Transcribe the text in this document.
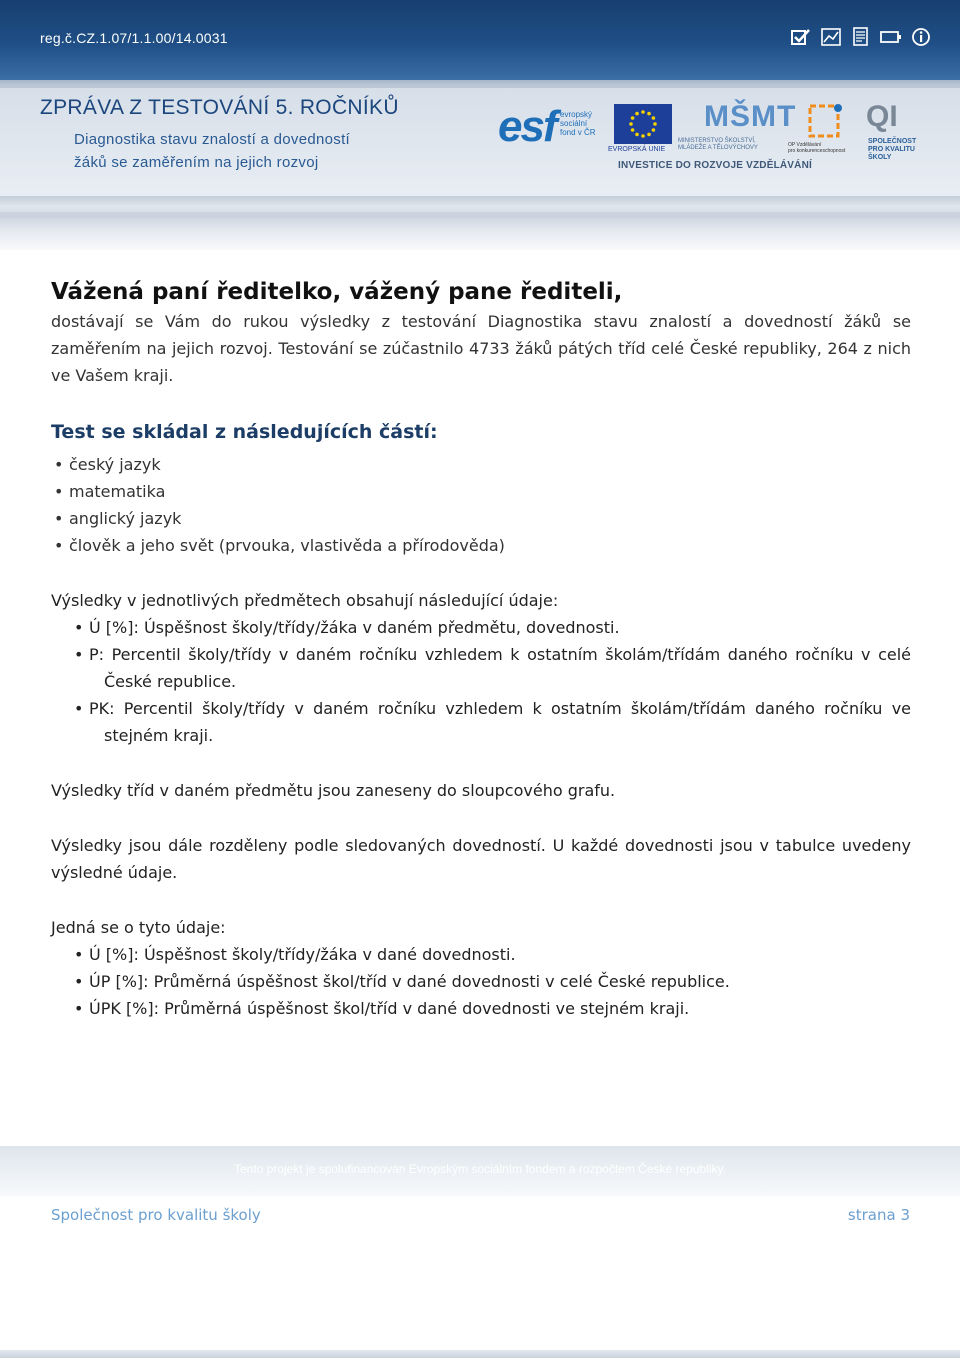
reg.č.CZ.1.07/1.1.00/14.0031
ZPRÁVA Z TESTOVÁNÍ 5. ROČNÍKŮ
Diagnostika stavu znalostí a dovedností
žáků se zaměřením na jejich rozvoj
esf evropský
sociální
fond v ČR
EVROPSKÁ UNIE
MŠMT
MINISTERSTVO ŠKOLSTVÍ,
MLÁDEŽE A TĚLOVÝCHOVY	OP Vzdělávání
pro konkurenceschopnost
QI
SPOLEČNOST
PRO KVALITU ŠKOLY
INVESTICE DO ROZVOJE VZDĚLÁVÁNÍ
Vážená paní ředitelko, vážený pane řediteli,

dostávají se Vám do rukou výsledky z testování Diagnostika stavu znalostí a dovedností žáků se zaměřením na jejich rozvoj. Testování se zúčastnilo 4733 žáků pátých tříd celé České republiky, 264 z nich ve Vašem kraji.

Test se skládal z následujících částí:
• český jazyk
• matematika
• anglický jazyk
• člověk a jeho svět (prvouka, vlastivěda a přírodověda)

Výsledky v jednotlivých předmětech obsahují následující údaje:

• Ú [%]: Úspěšnost školy/třídy/žáka v daném předmětu, dovednosti.
• P: Percentil školy/třídy v daném ročníku vzhledem k ostatním školám/třídám daného ročníku v celé České republice.
• PK: Percentil školy/třídy v daném ročníku vzhledem k ostatním školám/třídám daného ročníku ve stejném kraji.

Výsledky tříd v daném předmětu jsou zaneseny do sloupcového grafu.

Výsledky jsou dále rozděleny podle sledovaných dovedností. U každé dovednosti jsou v tabulce uvedeny výsledné údaje.

Jedná se o tyto údaje:

• Ú [%]: Úspěšnost školy/třídy/žáka v dané dovednosti.
• ÚP [%]: Průměrná úspěšnost škol/tříd v dané dovednosti v celé České republice.
• ÚPK [%]: Průměrná úspěšnost škol/tříd v dané dovednosti ve stejném kraji.
Tento projekt je spolufinancován Evropským sociálním fondem a rozpočtem České republiky.
Společnost pro kvalitu školy	strana 3
